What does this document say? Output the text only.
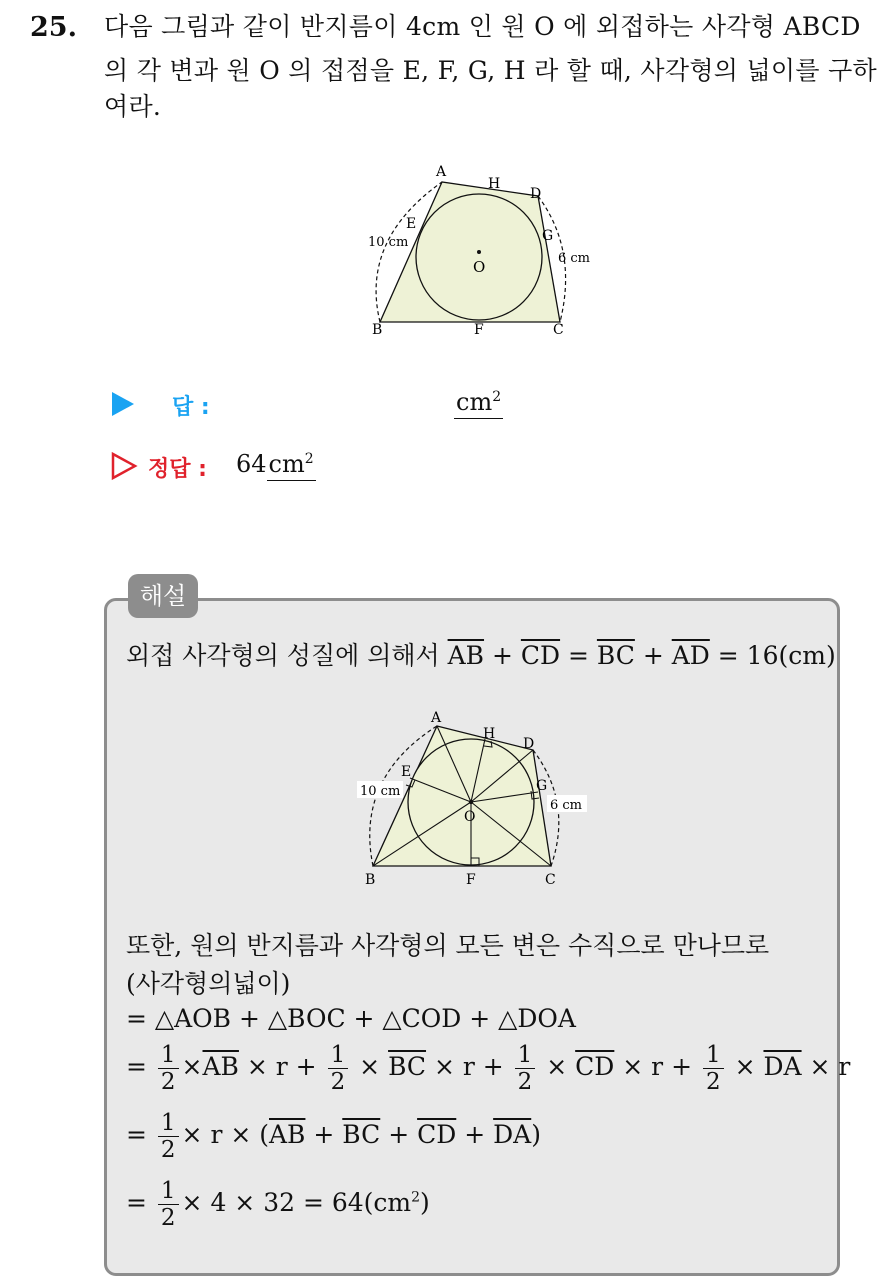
25. 다음 그림과 같이 반지름이 4cm 인 원 O 에 외접하는 사각형 ABCD
의 각 변과 원 O 의 접점을 E, F, G, H 라 할 때, 사각형의 넓이를 구하
여라.
A
H
D
E
G
10 cm
6 cm
O
B	F	C
답 :	$cm^2$
정답 : $64cm^2$
해설
외접 사각형의 성질에 의해서 $\overline{AB} + \overline{CD} = \overline{BC} + \overline{AD} = 16(cm)$
A
H
D
E
G
10 cm
6 cm
O
B	F	C
또한, 원의 반지름과 사각형의 모든 변은 수직으로 만나므로
(사각형의넓이)
= △AOB + △BOC + △COD + △DOA
= $\frac{1}{2} \times\overline{AB} \times r + \frac{1}{2} \times \overline{BC} \times r + \frac{1}{2} \times \overline{CD} \times r + \frac{1}{2} \times \overline{DA} \times r$
= $\frac{1}{2} \times r \times (\overline{AB} + \overline{BC} + \overline{CD} + \overline{DA})$
= $\frac{1}{2} \times 4 \times 32 = 64(cm^2)$
